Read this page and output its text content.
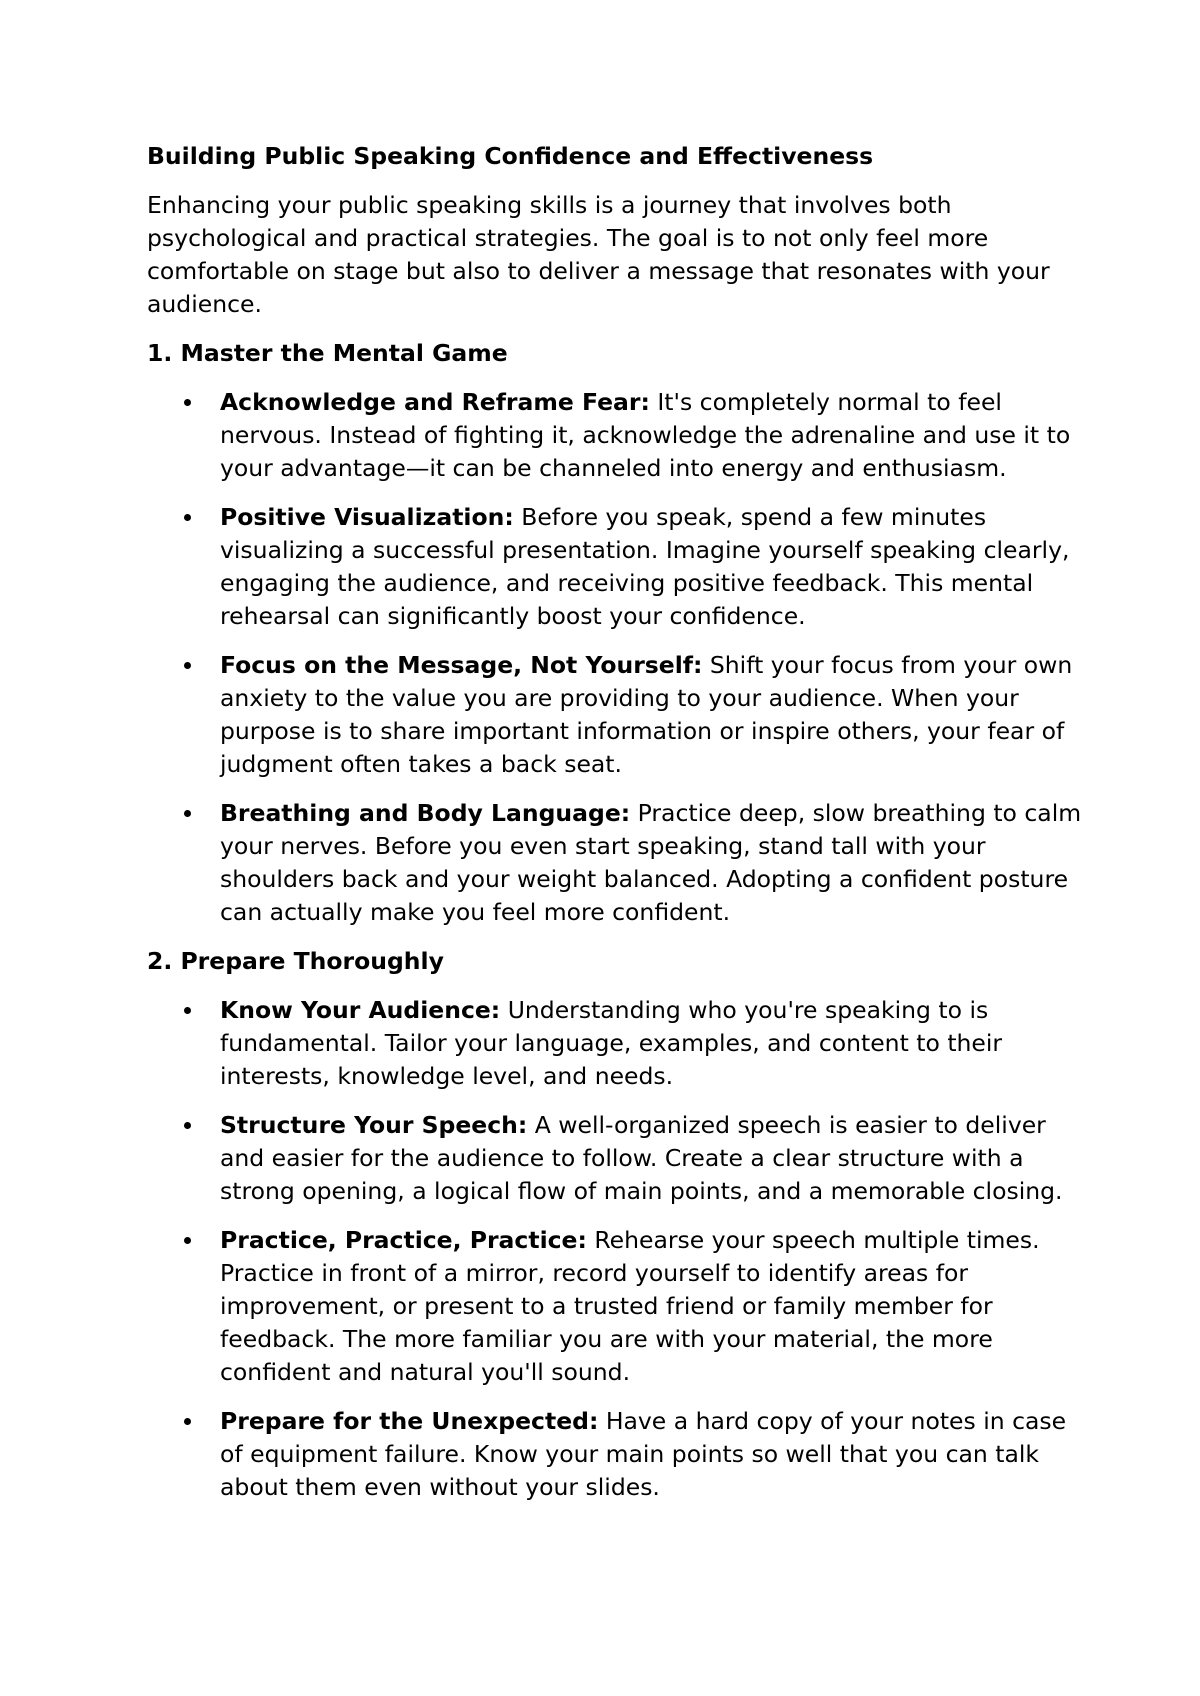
Building Public Speaking Confidence and Effectiveness

Enhancing your public speaking skills is a journey that involves both psychological and practical strategies. The goal is to not only feel more comfortable on stage but also to deliver a message that resonates with your audience.

1. Master the Mental Game
Acknowledge and Reframe Fear: It's completely normal to feel nervous. Instead of fighting it, acknowledge the adrenaline and use it to your advantage—it can be channeled into energy and enthusiasm.
Positive Visualization: Before you speak, spend a few minutes visualizing a successful presentation. Imagine yourself speaking clearly, engaging the audience, and receiving positive feedback. This mental rehearsal can significantly boost your confidence.
Focus on the Message, Not Yourself: Shift your focus from your own anxiety to the value you are providing to your audience. When your purpose is to share important information or inspire others, your fear of judgment often takes a back seat.
Breathing and Body Language: Practice deep, slow breathing to calm your nerves. Before you even start speaking, stand tall with your shoulders back and your weight balanced. Adopting a confident posture can actually make you feel more confident.
2. Prepare Thoroughly
Know Your Audience: Understanding who you're speaking to is fundamental. Tailor your language, examples, and content to their interests, knowledge level, and needs.
Structure Your Speech: A well-organized speech is easier to deliver and easier for the audience to follow. Create a clear structure with a strong opening, a logical flow of main points, and a memorable closing.
Practice, Practice, Practice: Rehearse your speech multiple times. Practice in front of a mirror, record yourself to identify areas for improvement, or present to a trusted friend or family member for feedback. The more familiar you are with your material, the more confident and natural you'll sound.
Prepare for the Unexpected: Have a hard copy of your notes in case of equipment failure. Know your main points so well that you can talk about them even without your slides.
